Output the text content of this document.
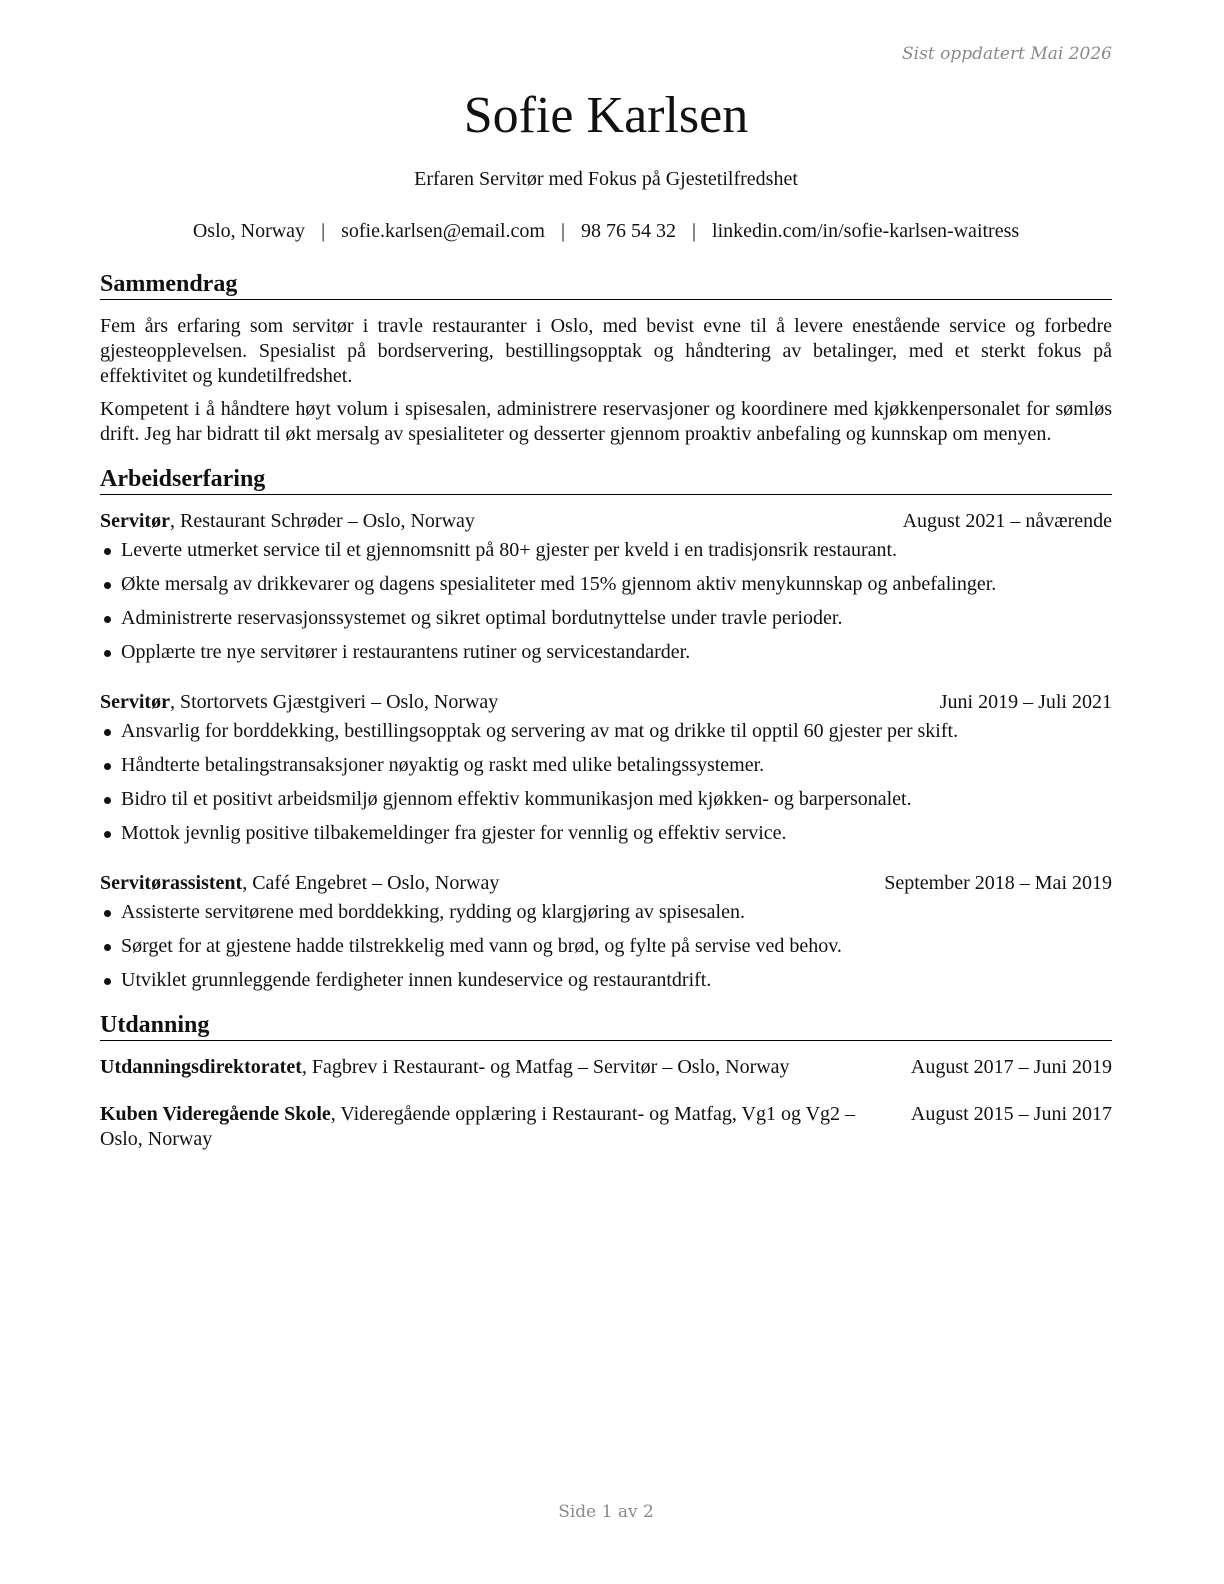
Sist oppdatert Mai 2026
Sofie Karlsen
Erfaren Servitør med Fokus på Gjestetilfredshet
Oslo, Norway | sofie.karlsen@email.com | 98 76 54 32 | linkedin.com/in/sofie-karlsen-waitress
Sammendrag

Fem års erfaring som servitør i travle restauranter i Oslo, med bevist evne til å levere enestående service og forbedre gjesteopplevelsen. Spesialist på bordservering, bestillingsopptak og håndtering av betalinger, med et sterkt fokus på effektivitet og kundetilfredshet.

Kompetent i å håndtere høyt volum i spisesalen, administrere reservasjoner og koordinere med kjøkkenpersonalet for sømløs drift. Jeg har bidratt til økt mersalg av spesialiteter og desserter gjennom proaktiv anbefaling og kunnskap om menyen.

Arbeidserfaring
Servitør, Restaurant Schrøder – Oslo, Norway	August 2021 – nåværende
Leverte utmerket service til et gjennomsnitt på 80+ gjester per kveld i en tradisjonsrik restaurant.
Økte mersalg av drikkevarer og dagens spesialiteter med 15% gjennom aktiv menykunnskap og anbefalinger.
Administrerte reservasjonssystemet og sikret optimal bordutnyttelse under travle perioder.
Opplærte tre nye servitører i restaurantens rutiner og servicestandarder.
Servitør, Stortorvets Gjæstgiveri – Oslo, Norway	Juni 2019 – Juli 2021
Ansvarlig for borddekking, bestillingsopptak og servering av mat og drikke til opptil 60 gjester per skift.
Håndterte betalingstransaksjoner nøyaktig og raskt med ulike betalingssystemer.
Bidro til et positivt arbeidsmiljø gjennom effektiv kommunikasjon med kjøkken- og barpersonalet.
Mottok jevnlig positive tilbakemeldinger fra gjester for vennlig og effektiv service.
Servitørassistent, Café Engebret – Oslo, Norway	September 2018 – Mai 2019
Assisterte servitørene med borddekking, rydding og klargjøring av spisesalen.
Sørget for at gjestene hadde tilstrekkelig med vann og brød, og fylte på servise ved behov.
Utviklet grunnleggende ferdigheter innen kundeservice og restaurantdrift.
Utdanning
Utdanningsdirektoratet, Fagbrev i Restaurant- og Matfag – Servitør – Oslo, Norway	August 2017 – Juni 2019
Kuben Videregående Skole, Videregående opplæring i Restaurant- og Matfag, Vg1 og Vg2 – Oslo, Norway
August 2015 – Juni 2017
Side 1 av 2
